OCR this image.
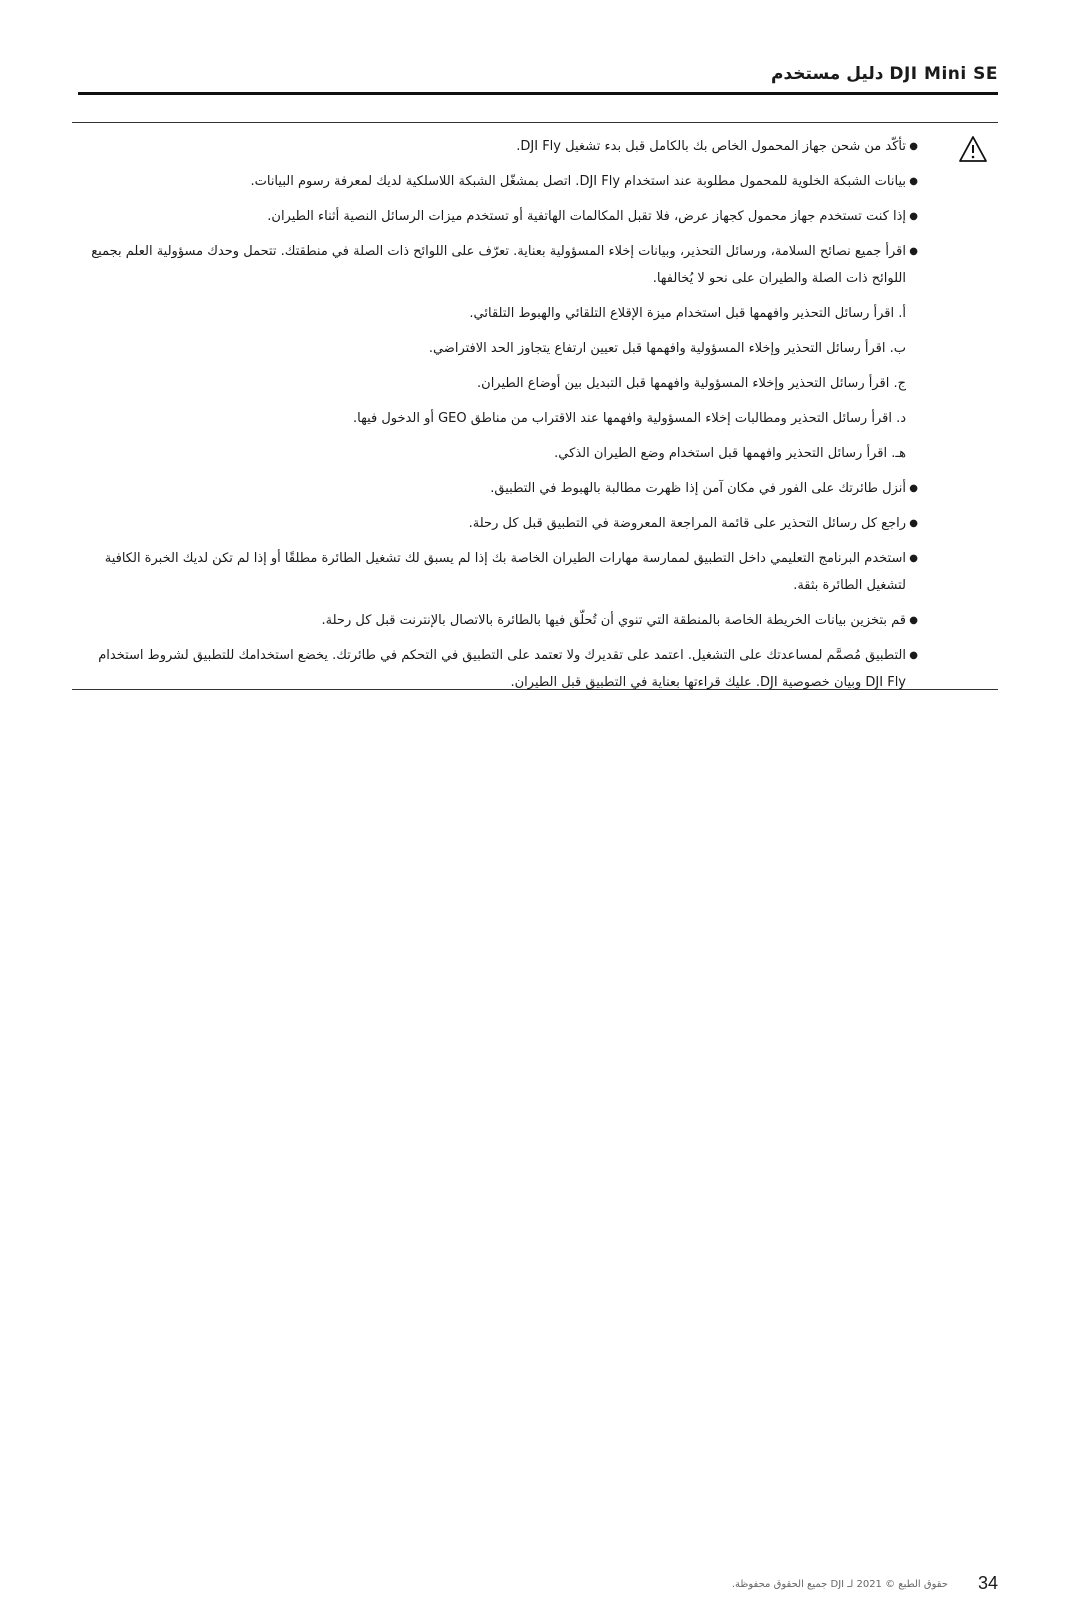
دليل مستخدم DJI Mini SE
●
تأكّد من شحن جهاز المحمول الخاص بك بالكامل قبل بدء تشغيل DJI Fly.
●
بيانات الشبكة الخلوية للمحمول مطلوبة عند استخدام DJI Fly. اتصل بمشغّل الشبكة اللاسلكية لديك لمعرفة رسوم البيانات.
●
إذا كنت تستخدم جهاز محمول كجهاز عرض، فلا تقبل المكالمات الهاتفية أو تستخدم ميزات الرسائل النصية أثناء الطيران.
●
اقرأ جميع نصائح السلامة، ورسائل التحذير، وبيانات إخلاء المسؤولية بعناية. تعرّف على اللوائح ذات الصلة في منطقتك. تتحمل وحدك مسؤولية العلم بجميع اللوائح ذات الصلة والطيران على نحو لا يُخالفها.
أ. اقرأ رسائل التحذير وافهمها قبل استخدام ميزة الإقلاع التلقائي والهبوط التلقائي.
ب. اقرأ رسائل التحذير وإخلاء المسؤولية وافهمها قبل تعيين ارتفاع يتجاوز الحد الافتراضي.
ج. اقرأ رسائل التحذير وإخلاء المسؤولية وافهمها قبل التبديل بين أوضاع الطيران.
د. اقرأ رسائل التحذير ومطالبات إخلاء المسؤولية وافهمها عند الاقتراب من مناطق GEO أو الدخول فيها.
هـ. اقرأ رسائل التحذير وافهمها قبل استخدام وضع الطيران الذكي.
●
أنزل طائرتك على الفور في مكان آمن إذا ظهرت مطالبة بالهبوط في التطبيق.
●
راجع كل رسائل التحذير على قائمة المراجعة المعروضة في التطبيق قبل كل رحلة.
●
استخدم البرنامج التعليمي داخل التطبيق لممارسة مهارات الطيران الخاصة بك إذا لم يسبق لك تشغيل الطائرة مطلقًا أو إذا لم تكن لديك الخبرة الكافية لتشغيل الطائرة بثقة.
●
قم بتخزين بيانات الخريطة الخاصة بالمنطقة التي تنوي أن تُحلّق فيها بالطائرة بالاتصال بالإنترنت قبل كل رحلة.
●
التطبيق مُصمَّم لمساعدتك على التشغيل. اعتمد على تقديرك ولا تعتمد على التطبيق في التحكم في طائرتك. يخضع استخدامك للتطبيق لشروط استخدام DJI Fly وبيان خصوصية DJI. عليك قراءتها بعناية في التطبيق قبل الطيران.
حقوق الطبع © 2021 لـ DJI جميع الحقوق محفوظة. 34
